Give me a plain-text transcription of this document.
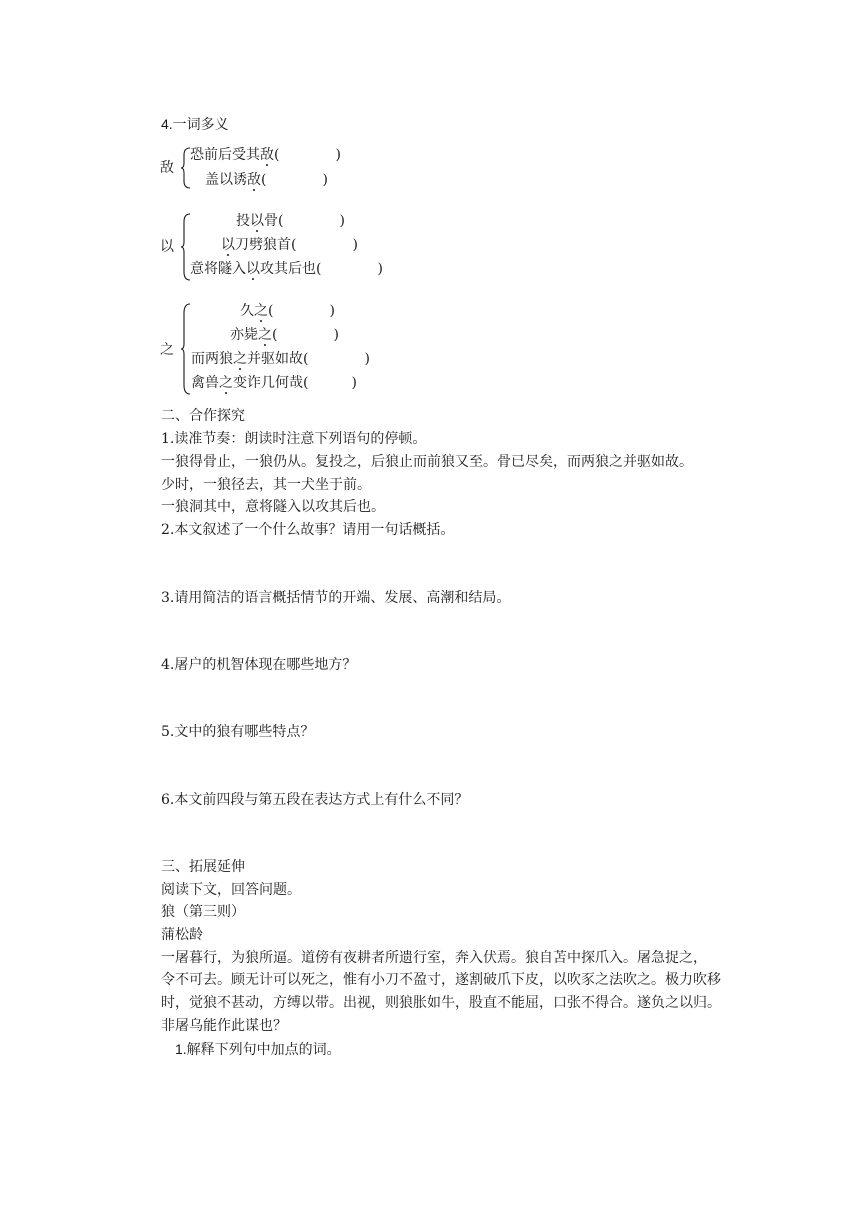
4.一词多义
敌
恐前后受其敌(	)
盖以诱敌(	)
以
投以骨(	)
以刀劈狼首(	)
意将隧入以攻其后也(	)
之
久之(	)
亦毙之(	)
而两狼之并驱如故(	)
禽兽之变诈几何哉(	)
二、合作探究
1.读准节奏：朗读时注意下列语句的停顿。
一狼得骨止，一狼仍从。复投之，后狼止而前狼又至。骨已尽矣，而两狼之并驱如故。
少时，一狼径去，其一犬坐于前。
一狼洞其中，意将隧入以攻其后也。
2.本文叙述了一个什么故事？请用一句话概括。
3.请用简洁的语言概括情节的开端、发展、高潮和结局。
4.屠户的机智体现在哪些地方？
5.文中的狼有哪些特点？
6.本文前四段与第五段在表达方式上有什么不同？
三、拓展延伸
阅读下文，回答问题。
狼（第三则）
蒲松龄
一屠暮行，为狼所逼。道傍有夜耕者所遗行室，奔入伏焉。狼自苫中探爪入。屠急捉之，
令不可去。顾无计可以死之，惟有小刀不盈寸，遂割破爪下皮，以吹豕之法吹之。极力吹移
时，觉狼不甚动，方缚以带。出视，则狼胀如牛，股直不能屈，口张不得合。遂负之以归。
非屠乌能作此谋也？
1.解释下列句中加点的词。
